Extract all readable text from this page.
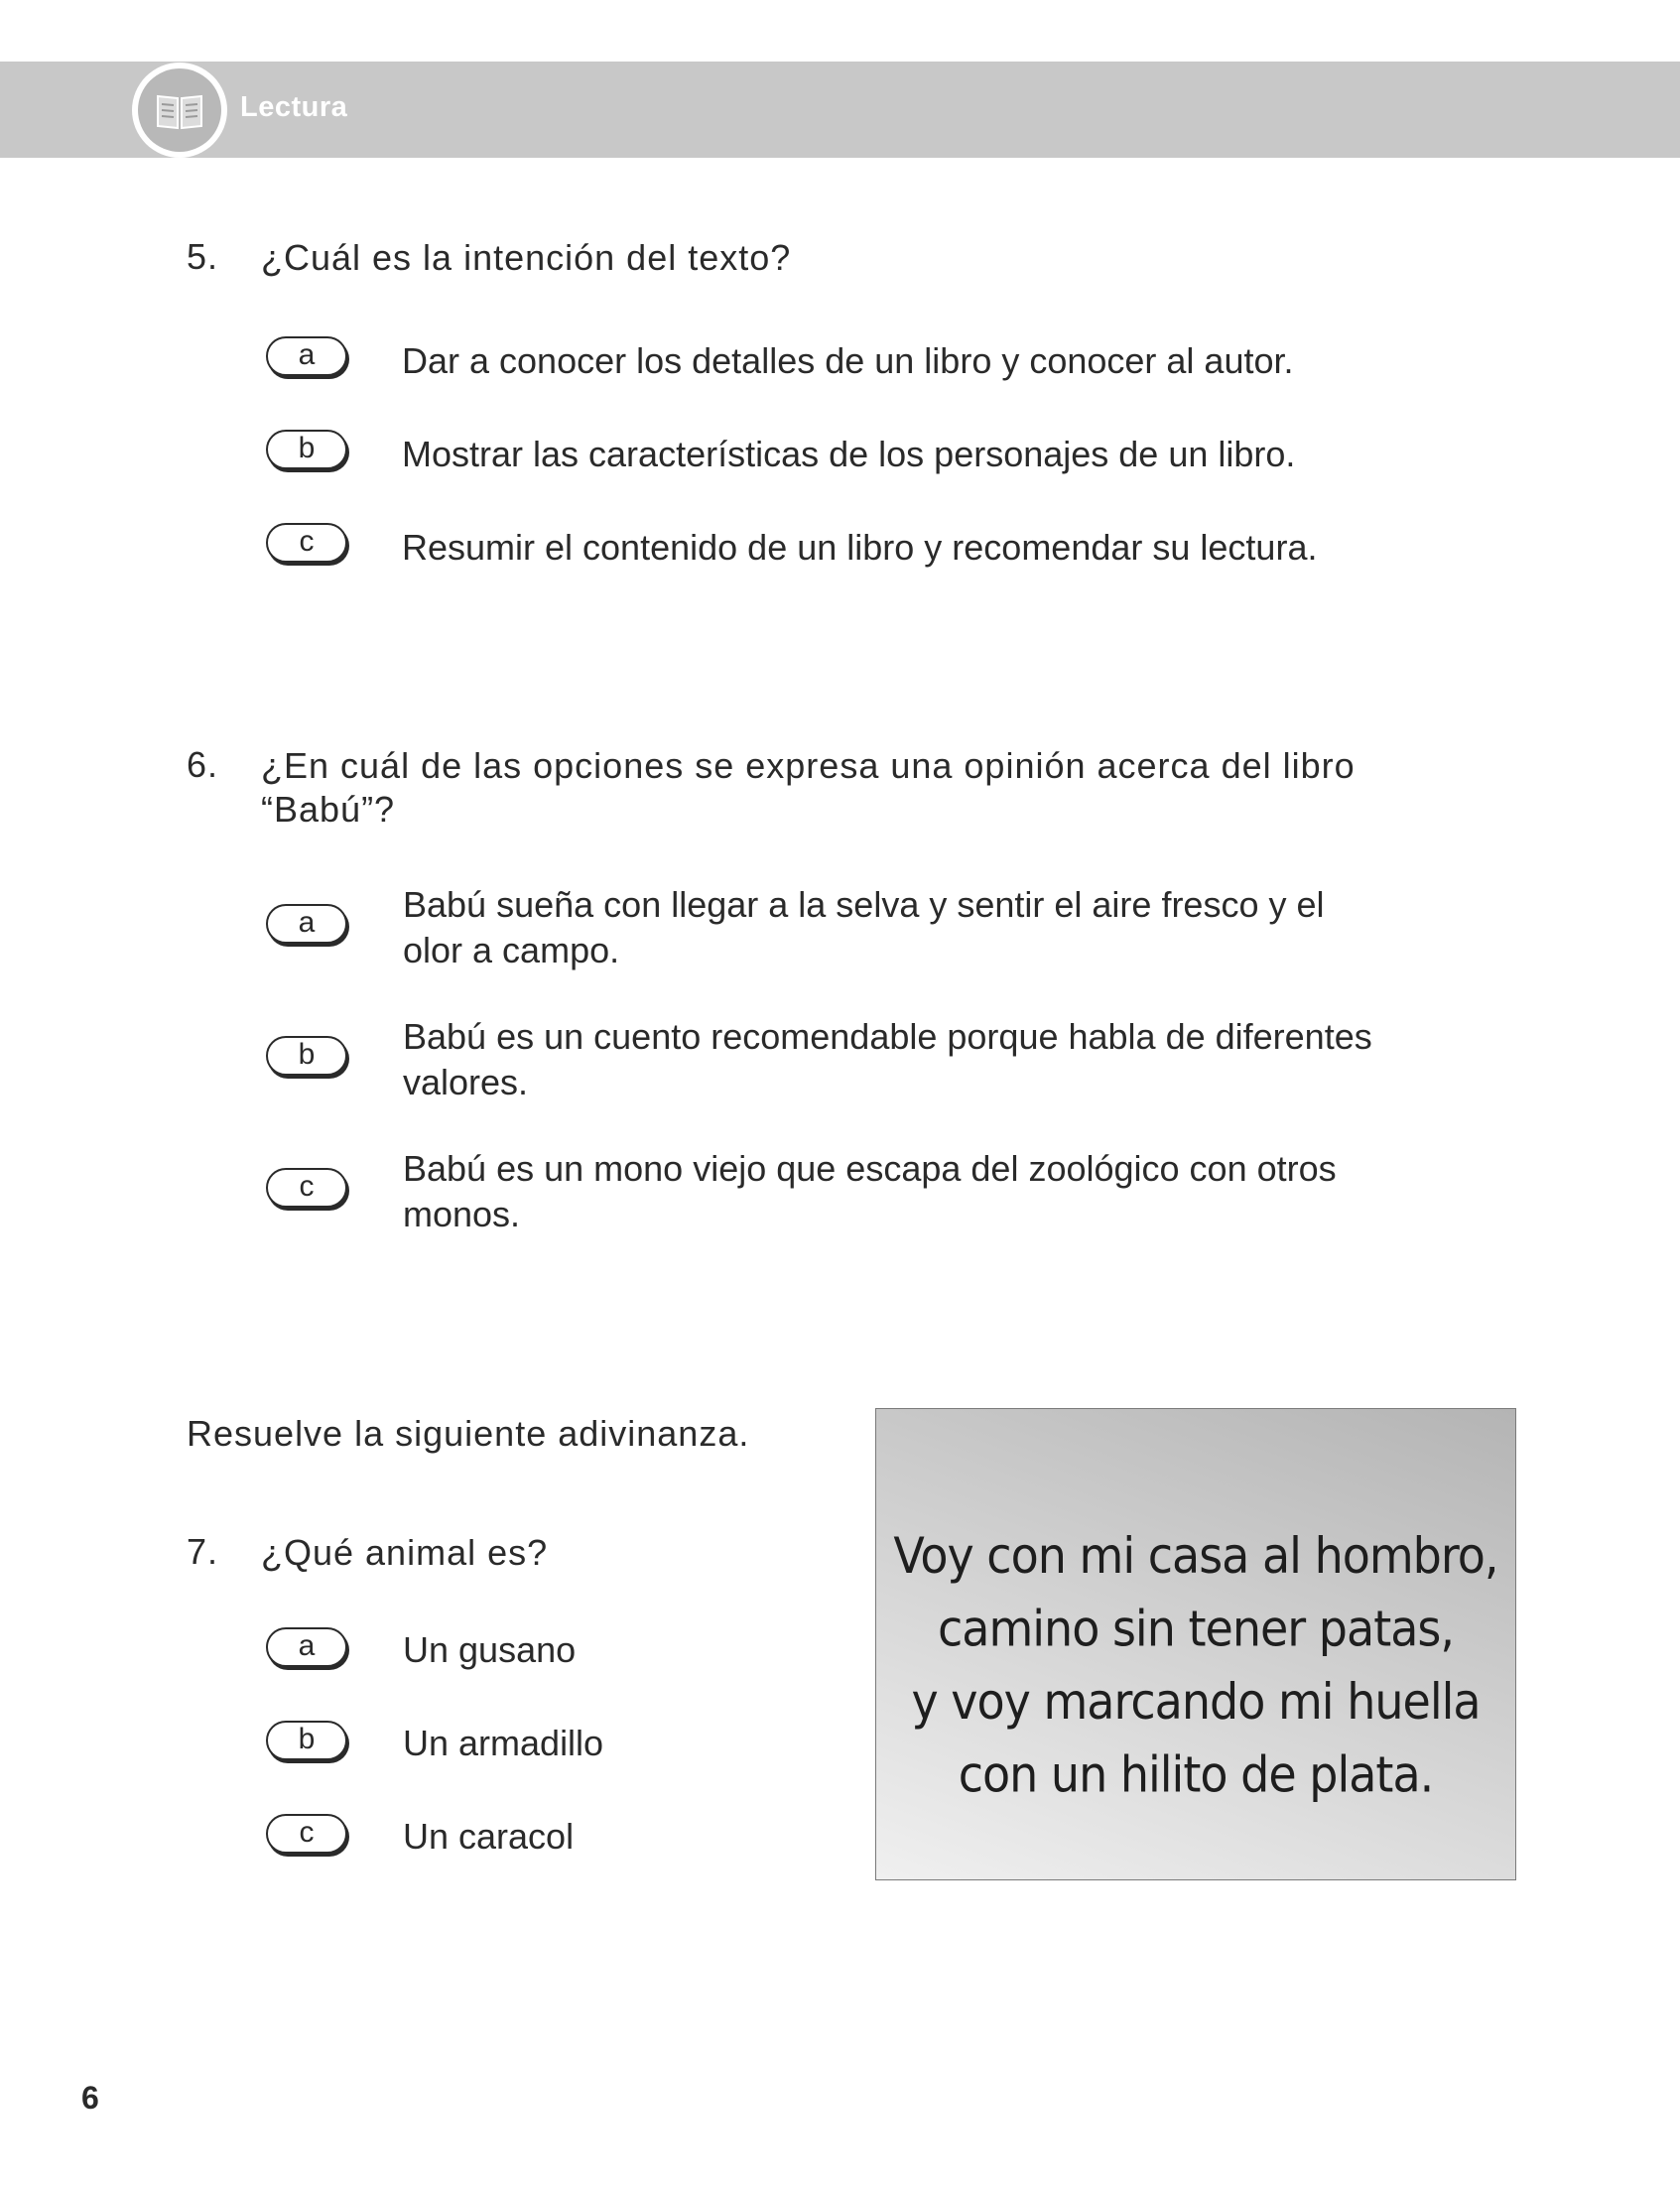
Lectura
5. ¿Cuál es la intención del texto?
a	Dar a conocer los detalles de un libro y conocer al autor.
b	Mostrar las características de los personajes de un libro.
c	Resumir el contenido de un libro y recomendar su lectura.
6. ¿En cuál de las opciones se expresa una opinión acerca del libro
“Babú”?
a	Babú sueña con llegar a la selva y sentir el aire fresco y el
olor a campo.
b	Babú es un cuento recomendable porque habla de diferentes
valores.
c	Babú es un mono viejo que escapa del zoológico con otros
monos.
Resuelve la siguiente adivinanza.
7. ¿Qué animal es?
a	Un gusano
b	Un armadillo
c	Un caracol
Voy con mi casa al hombro,
camino sin tener patas,
y voy marcando mi huella
con un hilito de plata.
6
